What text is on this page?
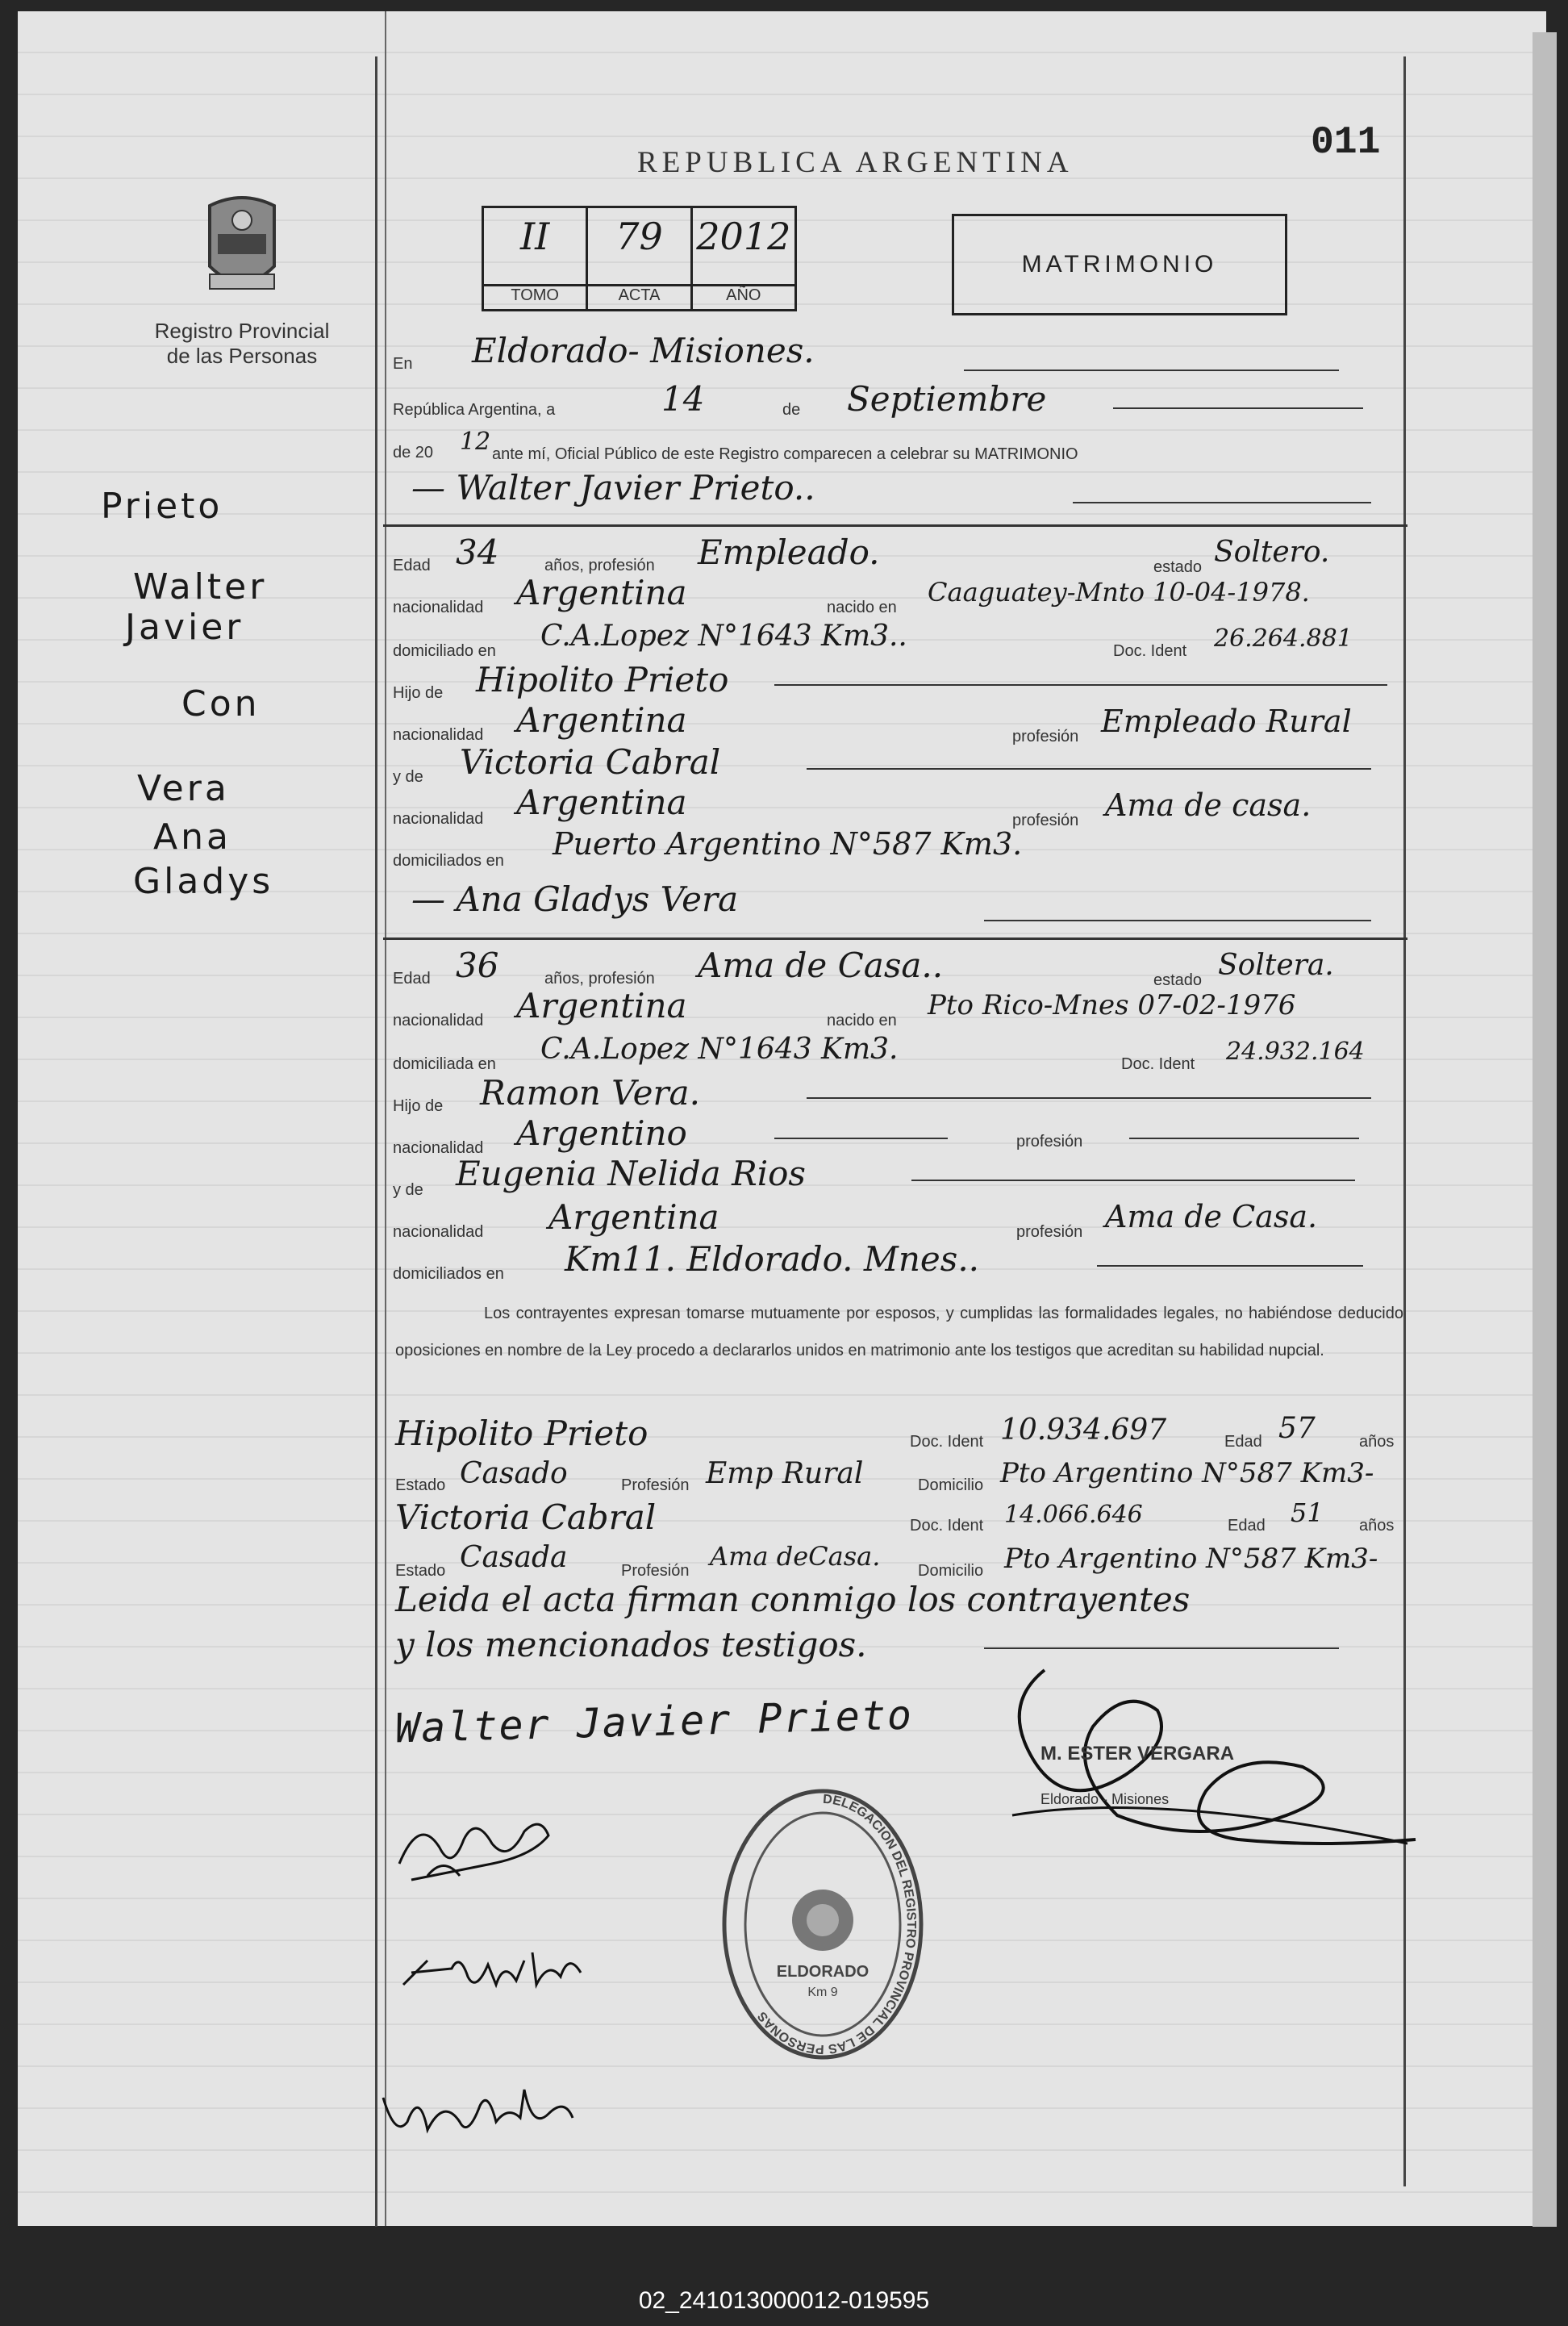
REPUBLICA ARGENTINA	011
Registro Provincial
de las Personas
II
TOMO
79
ACTA
2012
AÑO
MATRIMONIO
Prieto
Walter
Javier
Con
Vera
Ana
Gladys
En Eldorado- Misiones.
República Argentina, a	14	de Septiembre
de 20 12 ante mí, Oficial Público de este Registro comparecen a celebrar su MATRIMONIO
— Walter Javier Prieto..
Edad 34	años, profesión Empleado.	estado Soltero.
nacionalidad Argentina	nacido en Caaguatey-Mnto 10-04-1978.
domiciliado en C.A.Lopez N°1643 Km3..	Doc. Ident 26.264.881
Hijo de Hipolito Prieto
nacionalidad Argentina	profesión Empleado Rural
y de Victoria Cabral
nacionalidad Argentina	profesión Ama de casa.
domiciliados en Puerto Argentino N°587 Km3.
— Ana Gladys Vera
Edad 36	años, profesión Ama de Casa..	estado Soltera.
nacionalidad Argentina	nacido en Pto Rico-Mnes 07-02-1976
domiciliada en C.A.Lopez N°1643 Km3.	Doc. Ident 24.932.164
Hijo de Ramon Vera.
nacionalidad Argentino	profesión
y de Eugenia Nelida Rios
nacionalidad Argentina	profesión Ama de Casa.
domiciliados en Km11. Eldorado. Mnes..
Los contrayentes expresan tomarse mutuamente por esposos, y cumplidas las formalidades legales, no habiéndose deducido oposiciones en nombre de la Ley procedo a declararlos unidos en matrimonio ante los testigos que acreditan su habilidad nupcial.
Hipolito Prieto	Doc. Ident 10.934.697	Edad 57	años
Estado Casado	Profesión Emp Rural	Domicilio Pto Argentino N°587 Km3-
Victoria Cabral	Doc. Ident 14.066.646	Edad 51 años
Estado Casada	Profesión Ama deCasa. Domicilio Pto Argentino N°587 Km3-
Leida el acta firman conmigo los contrayentes
y los mencionados testigos.
Walter Javier Prieto
M. ESTER VERGARA
Eldorado - Misiones
DELEGACION DEL REGISTRO PROVINCIAL DE LAS PERSONAS
ELDORADO
Km 9
02_241013000012-019595
